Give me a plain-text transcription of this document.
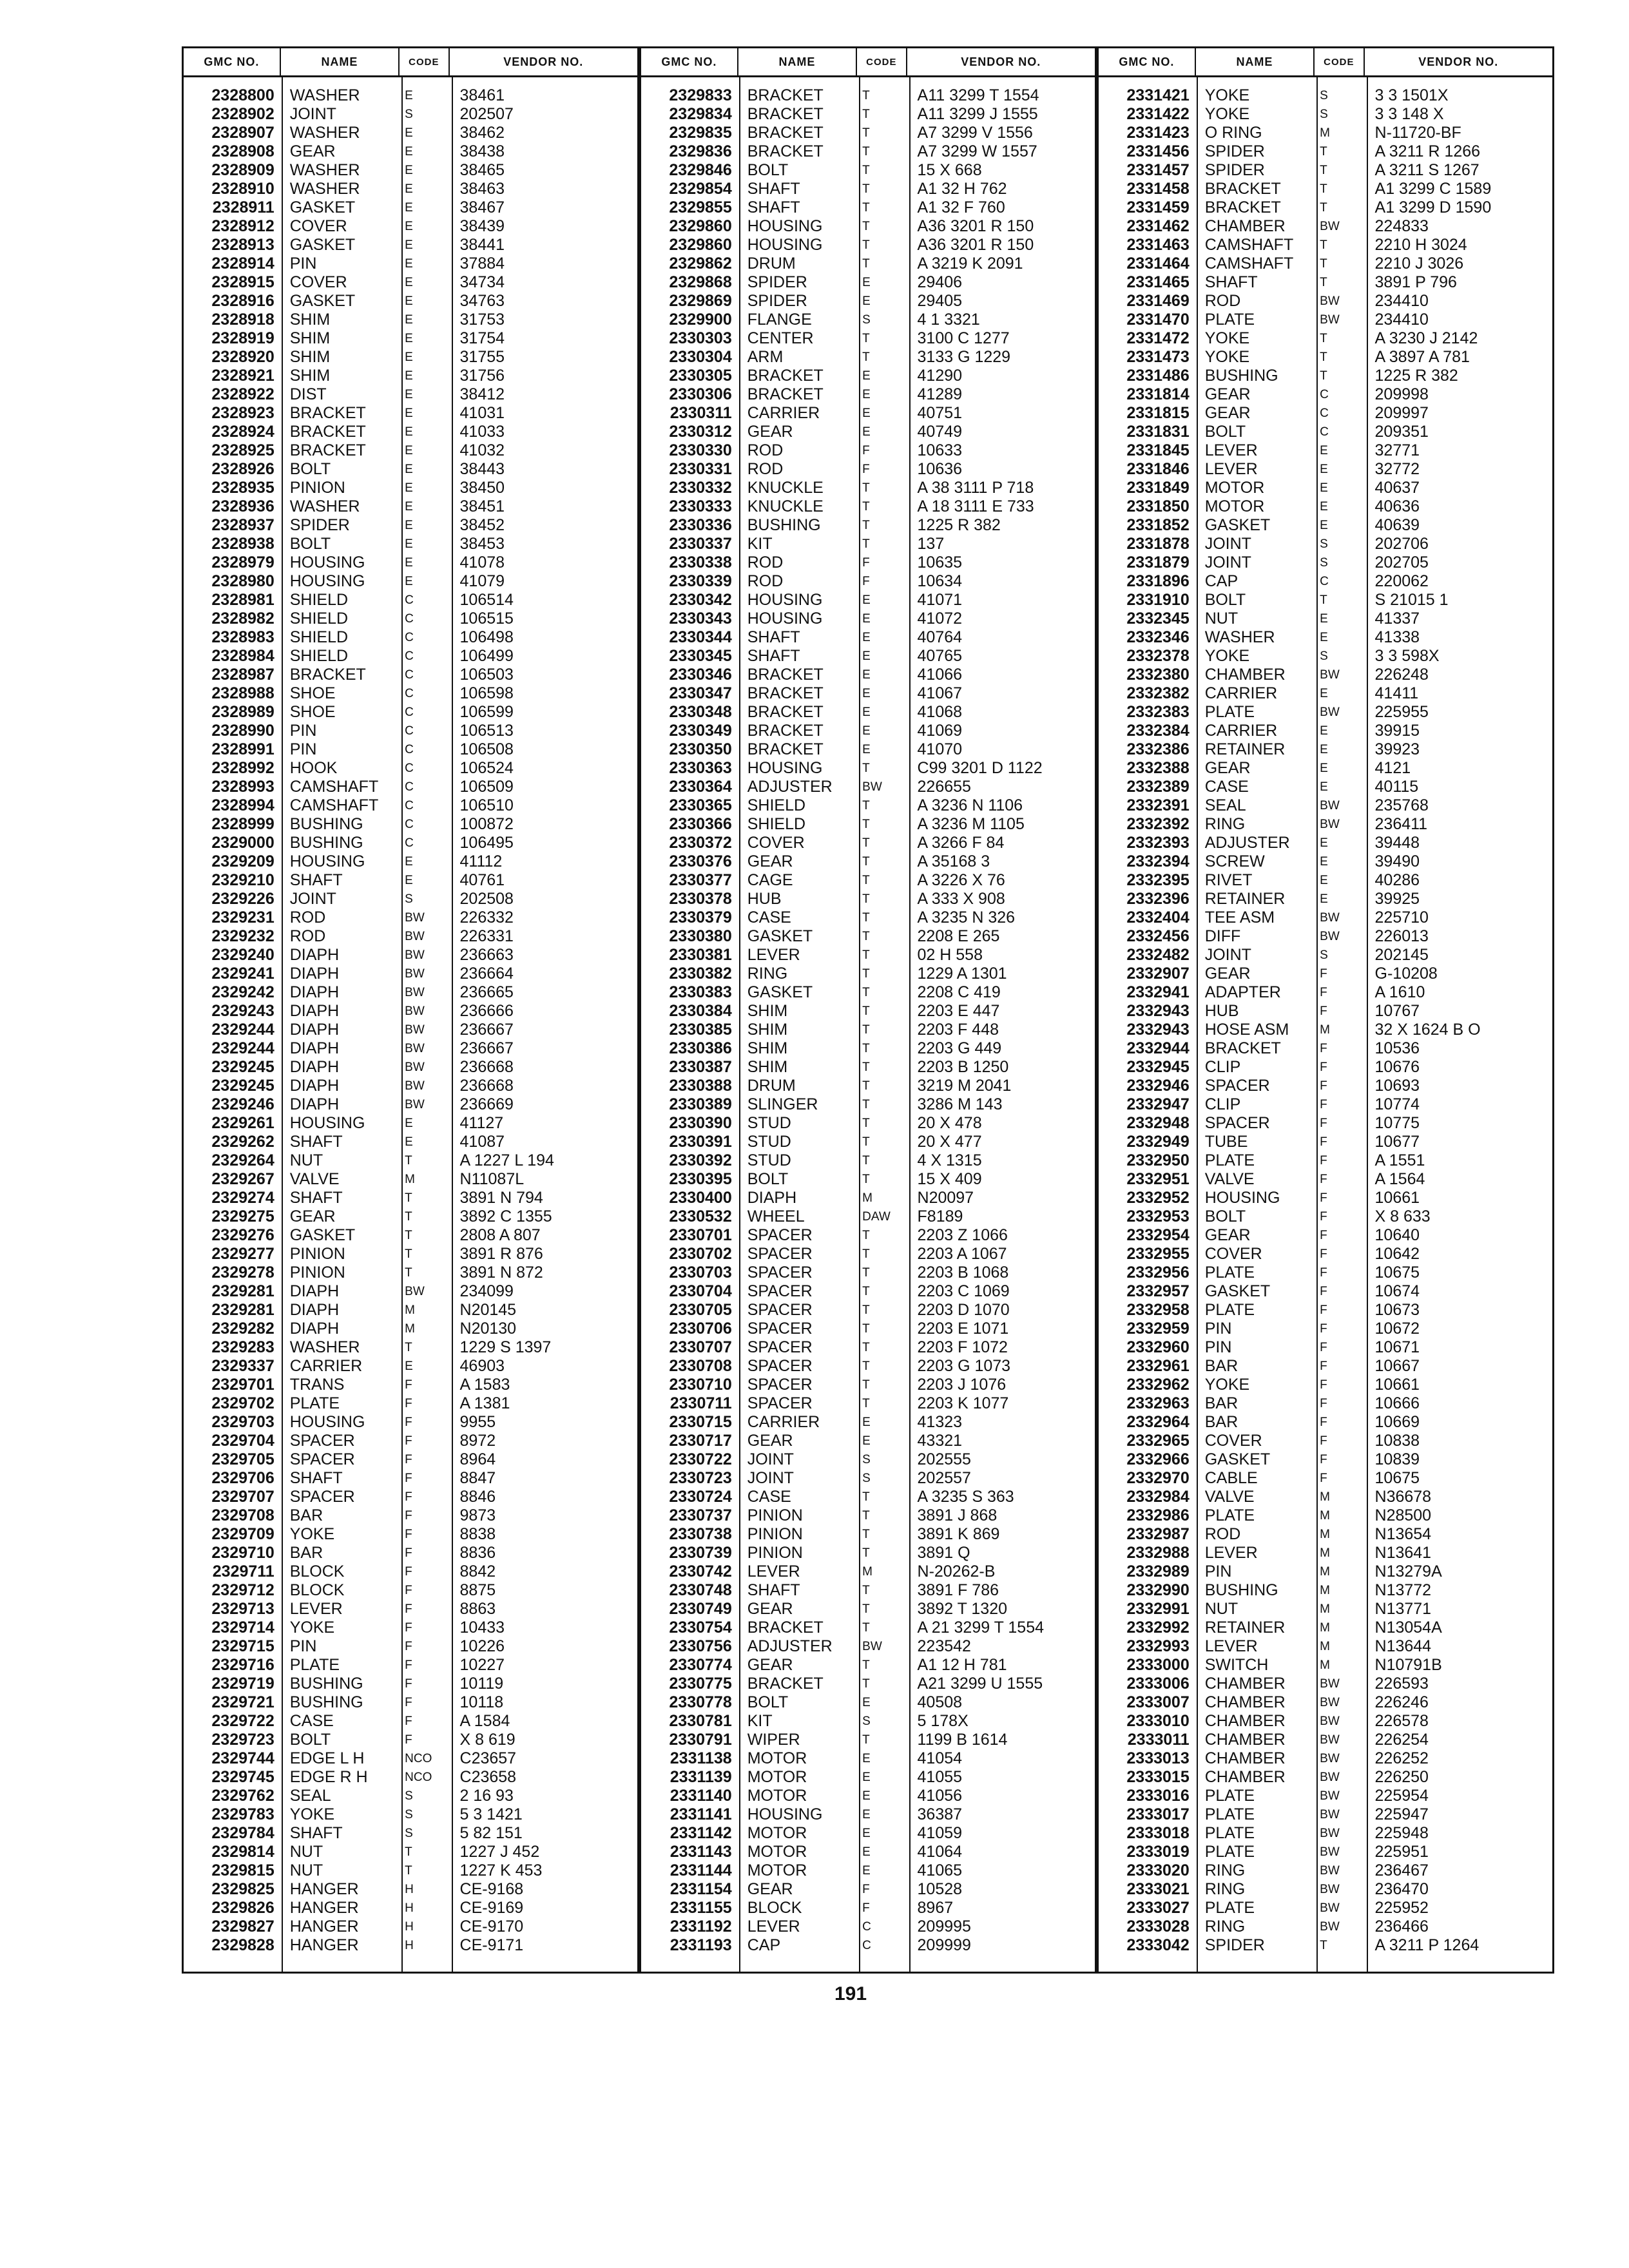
GMC NO.	NAME	CODE	VENDOR NO.
2328800 WASHER	E	38461
2328902 JOINT	S	202507
2328907 WASHER	E	38462
2328908 GEAR	E	38438
2328909 WASHER	E	38465
2328910 WASHER	E	38463
2328911 GASKET	E	38467
2328912 COVER	E	38439
2328913 GASKET	E	38441
2328914 PIN	E	37884
2328915 COVER	E	34734
2328916 GASKET	E	34763
2328918 SHIM	E	31753
2328919 SHIM	E	31754
2328920 SHIM	E	31755
2328921 SHIM	E	31756
2328922 DIST	E	38412
2328923 BRACKET	E	41031
2328924 BRACKET	E	41033
2328925 BRACKET	E	41032
2328926 BOLT	E	38443
2328935 PINION	E	38450
2328936 WASHER	E	38451
2328937 SPIDER	E	38452
2328938 BOLT	E	38453
2328979 HOUSING	E	41078
2328980 HOUSING	E	41079
2328981 SHIELD	C	106514
2328982 SHIELD	C	106515
2328983 SHIELD	C	106498
2328984 SHIELD	C	106499
2328987 BRACKET	C	106503
2328988 SHOE	C	106598
2328989 SHOE	C	106599
2328990 PIN	C	106513
2328991 PIN	C	106508
2328992 HOOK	C	106524
2328993 CAMSHAFT	C	106509
2328994 CAMSHAFT	C	106510
2328999 BUSHING	C	100872
2329000 BUSHING	C	106495
2329209 HOUSING	E	41112
2329210 SHAFT	E	40761
2329226 JOINT	S	202508
2329231 ROD	BW	226332
2329232 ROD	BW	226331
2329240 DIAPH	BW	236663
2329241 DIAPH	BW	236664
2329242 DIAPH	BW	236665
2329243 DIAPH	BW	236666
2329244 DIAPH	BW	236667
2329244 DIAPH	BW	236667
2329245 DIAPH	BW	236668
2329245 DIAPH	BW	236668
2329246 DIAPH	BW	236669
2329261 HOUSING	E	41127
2329262 SHAFT	E	41087
2329264 NUT	T	A 1227 L 194
2329267 VALVE	M	N11087L
2329274 SHAFT	T	3891 N 794
2329275 GEAR	T	3892 C 1355
2329276 GASKET	T	2808 A 807
2329277 PINION	T	3891 R 876
2329278 PINION	T	3891 N 872
2329281 DIAPH	BW	234099
2329281 DIAPH	M	N20145
2329282 DIAPH	M	N20130
2329283 WASHER	T	1229 S 1397
2329337 CARRIER	E	46903
2329701 TRANS	F	A 1583
2329702 PLATE	F	A 1381
2329703 HOUSING	F	9955
2329704 SPACER	F	8972
2329705 SPACER	F	8964
2329706 SHAFT	F	8847
2329707 SPACER	F	8846
2329708 BAR	F	9873
2329709 YOKE	F	8838
2329710 BAR	F	8836
2329711 BLOCK	F	8842
2329712 BLOCK	F	8875
2329713 LEVER	F	8863
2329714 YOKE	F	10433
2329715 PIN	F	10226
2329716 PLATE	F	10227
2329719 BUSHING	F	10119
2329721 BUSHING	F	10118
2329722 CASE	F	A 1584
2329723 BOLT	F	X 8 619
2329744 EDGE L H	NCO	C23657
2329745 EDGE R H	NCO	C23658
2329762 SEAL	S	2 16 93
2329783 YOKE	S	5 3 1421
2329784 SHAFT	S	5 82 151
2329814 NUT	T	1227 J 452
2329815 NUT	T	1227 K 453
2329825 HANGER	H	CE-9168
2329826 HANGER	H	CE-9169
2329827 HANGER	H	CE-9170
2329828 HANGER	H	CE-9171
GMC NO.	NAME	CODE	VENDOR NO.
2329833 BRACKET	T	A11 3299 T 1554
2329834 BRACKET	T	A11 3299 J 1555
2329835 BRACKET	T	A7 3299 V 1556
2329836 BRACKET	T	A7 3299 W 1557
2329846 BOLT	T	15 X 668
2329854 SHAFT	T	A1 32 H 762
2329855 SHAFT	T	A1 32 F 760
2329860 HOUSING	T	A36 3201 R 150
2329860 HOUSING	T	A36 3201 R 150
2329862 DRUM	T	A 3219 K 2091
2329868 SPIDER	E	29406
2329869 SPIDER	E	29405
2329900 FLANGE	S	4 1 3321
2330303 CENTER	T	3100 C 1277
2330304 ARM	T	3133 G 1229
2330305 BRACKET	E	41290
2330306 BRACKET	E	41289
2330311 CARRIER	E	40751
2330312 GEAR	E	40749
2330330 ROD	F	10633
2330331 ROD	F	10636
2330332 KNUCKLE	T	A 38 3111 P 718
2330333 KNUCKLE	T	A 18 3111 E 733
2330336 BUSHING	T	1225 R 382
2330337 KIT	T	137
2330338 ROD	F	10635
2330339 ROD	F	10634
2330342 HOUSING	E	41071
2330343 HOUSING	E	41072
2330344 SHAFT	E	40764
2330345 SHAFT	E	40765
2330346 BRACKET	E	41066
2330347 BRACKET	E	41067
2330348 BRACKET	E	41068
2330349 BRACKET	E	41069
2330350 BRACKET	E	41070
2330363 HOUSING	T	C99 3201 D 1122
2330364 ADJUSTER	BW	226655
2330365 SHIELD	T	A 3236 N 1106
2330366 SHIELD	T	A 3236 M 1105
2330372 COVER	T	A 3266 F 84
2330376 GEAR	T	A 35168 3
2330377 CAGE	T	A 3226 X 76
2330378 HUB	T	A 333 X 908
2330379 CASE	T	A 3235 N 326
2330380 GASKET	T	2208 E 265
2330381 LEVER	T	02 H 558
2330382 RING	T	1229 A 1301
2330383 GASKET	T	2208 C 419
2330384 SHIM	T	2203 E 447
2330385 SHIM	T	2203 F 448
2330386 SHIM	T	2203 G 449
2330387 SHIM	T	2203 B 1250
2330388 DRUM	T	3219 M 2041
2330389 SLINGER	T	3286 M 143
2330390 STUD	T	20 X 478
2330391 STUD	T	20 X 477
2330392 STUD	T	4 X 1315
2330395 BOLT	T	15 X 409
2330400 DIAPH	M	N20097
2330532 WHEEL	DAW	F8189
2330701 SPACER	T	2203 Z 1066
2330702 SPACER	T	2203 A 1067
2330703 SPACER	T	2203 B 1068
2330704 SPACER	T	2203 C 1069
2330705 SPACER	T	2203 D 1070
2330706 SPACER	T	2203 E 1071
2330707 SPACER	T	2203 F 1072
2330708 SPACER	T	2203 G 1073
2330710 SPACER	T	2203 J 1076
2330711 SPACER	T	2203 K 1077
2330715 CARRIER	E	41323
2330717 GEAR	E	43321
2330722 JOINT	S	202555
2330723 JOINT	S	202557
2330724 CASE	T	A 3235 S 363
2330737 PINION	T	3891 J 868
2330738 PINION	T	3891 K 869
2330739 PINION	T	3891 Q
2330742 LEVER	M	N-20262-B
2330748 SHAFT	T	3891 F 786
2330749 GEAR	T	3892 T 1320
2330754 BRACKET	T	A 21 3299 T 1554
2330756 ADJUSTER	BW	223542
2330774 GEAR	T	A1 12 H 781
2330775 BRACKET	T	A21 3299 U 1555
2330778 BOLT	E	40508
2330781 KIT	S	5 178X
2330791 WIPER	T	1199 B 1614
2331138 MOTOR	E	41054
2331139 MOTOR	E	41055
2331140 MOTOR	E	41056
2331141 HOUSING	E	36387
2331142 MOTOR	E	41059
2331143 MOTOR	E	41064
2331144 MOTOR	E	41065
2331154 GEAR	F	10528
2331155 BLOCK	F	8967
2331192 LEVER	C	209995
2331193 CAP	C	209999
GMC NO.	NAME	CODE	VENDOR NO.
2331421 YOKE	S	3 3 1501X
2331422 YOKE	S	3 3 148 X
2331423 O RING	M	N-11720-BF
2331456 SPIDER	T	A 3211 R 1266
2331457 SPIDER	T	A 3211 S 1267
2331458 BRACKET	T	A1 3299 C 1589
2331459 BRACKET	T	A1 3299 D 1590
2331462 CHAMBER	BW	224833
2331463 CAMSHAFT	T	2210 H 3024
2331464 CAMSHAFT	T	2210 J 3026
2331465 SHAFT	T	3891 P 796
2331469 ROD	BW	234410
2331470 PLATE	BW	234410
2331472 YOKE	T	A 3230 J 2142
2331473 YOKE	T	A 3897 A 781
2331486 BUSHING	T	1225 R 382
2331814 GEAR	C	209998
2331815 GEAR	C	209997
2331831 BOLT	C	209351
2331845 LEVER	E	32771
2331846 LEVER	E	32772
2331849 MOTOR	E	40637
2331850 MOTOR	E	40636
2331852 GASKET	E	40639
2331878 JOINT	S	202706
2331879 JOINT	S	202705
2331896 CAP	C	220062
2331910 BOLT	T	S 21015 1
2332345 NUT	E	41337
2332346 WASHER	E	41338
2332378 YOKE	S	3 3 598X
2332380 CHAMBER	BW	226248
2332382 CARRIER	E	41411
2332383 PLATE	BW	225955
2332384 CARRIER	E	39915
2332386 RETAINER	E	39923
2332388 GEAR	E	4121
2332389 CASE	E	40115
2332391 SEAL	BW	235768
2332392 RING	BW	236411
2332393 ADJUSTER	E	39448
2332394 SCREW	E	39490
2332395 RIVET	E	40286
2332396 RETAINER	E	39925
2332404 TEE ASM	BW	225710
2332456 DIFF	BW	226013
2332482 JOINT	S	202145
2332907 GEAR	F	G-10208
2332941 ADAPTER	F	A 1610
2332943 HUB	F	10767
2332943 HOSE ASM	M	32 X 1624 B O
2332944 BRACKET	F	10536
2332945 CLIP	F	10676
2332946 SPACER	F	10693
2332947 CLIP	F	10774
2332948 SPACER	F	10775
2332949 TUBE	F	10677
2332950 PLATE	F	A 1551
2332951 VALVE	F	A 1564
2332952 HOUSING	F	10661
2332953 BOLT	F	X 8 633
2332954 GEAR	F	10640
2332955 COVER	F	10642
2332956 PLATE	F	10675
2332957 GASKET	F	10674
2332958 PLATE	F	10673
2332959 PIN	F	10672
2332960 PIN	F	10671
2332961 BAR	F	10667
2332962 YOKE	F	10661
2332963 BAR	F	10666
2332964 BAR	F	10669
2332965 COVER	F	10838
2332966 GASKET	F	10839
2332970 CABLE	F	10675
2332984 VALVE	M	N36678
2332986 PLATE	M	N28500
2332987 ROD	M	N13654
2332988 LEVER	M	N13641
2332989 PIN	M	N13279A
2332990 BUSHING	M	N13772
2332991 NUT	M	N13771
2332992 RETAINER	M	N13054A
2332993 LEVER	M	N13644
2333000 SWITCH	M	N10791B
2333006 CHAMBER	BW	226593
2333007 CHAMBER	BW	226246
2333010 CHAMBER	BW	226578
2333011 CHAMBER	BW	226254
2333013 CHAMBER	BW	226252
2333015 CHAMBER	BW	226250
2333016 PLATE	BW	225954
2333017 PLATE	BW	225947
2333018 PLATE	BW	225948
2333019 PLATE	BW	225951
2333020 RING	BW	236467
2333021 RING	BW	236470
2333027 PLATE	BW	225952
2333028 RING	BW	236466
2333042 SPIDER	T	A 3211 P 1264
191
